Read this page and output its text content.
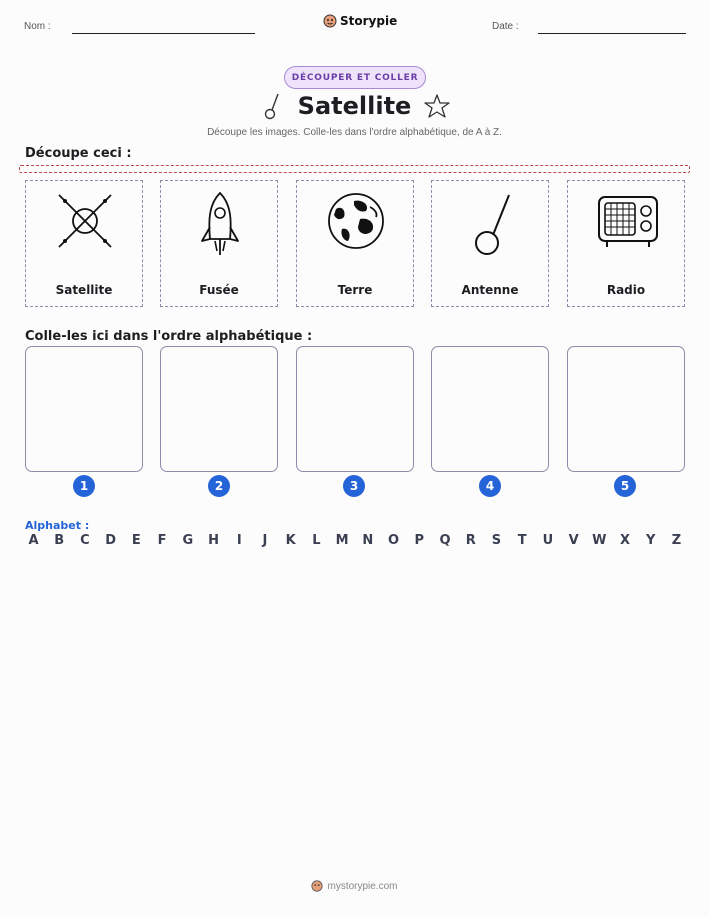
Nom :	Storypie	Date :
DÉCOUPER ET COLLER
Satellite
Découpe les images. Colle-les dans l'ordre alphabétique, de A à Z.
Découpe ceci :
Satellite	Fusée	Terre	Antenne	Radio
Colle-les ici dans l'ordre alphabétique :
1	2	3	4	5
Alphabet :
A B C D	E	F	G H	I	J	K	L	M N O P Q R S	T	U V W X Y Z
mystorypie.com
